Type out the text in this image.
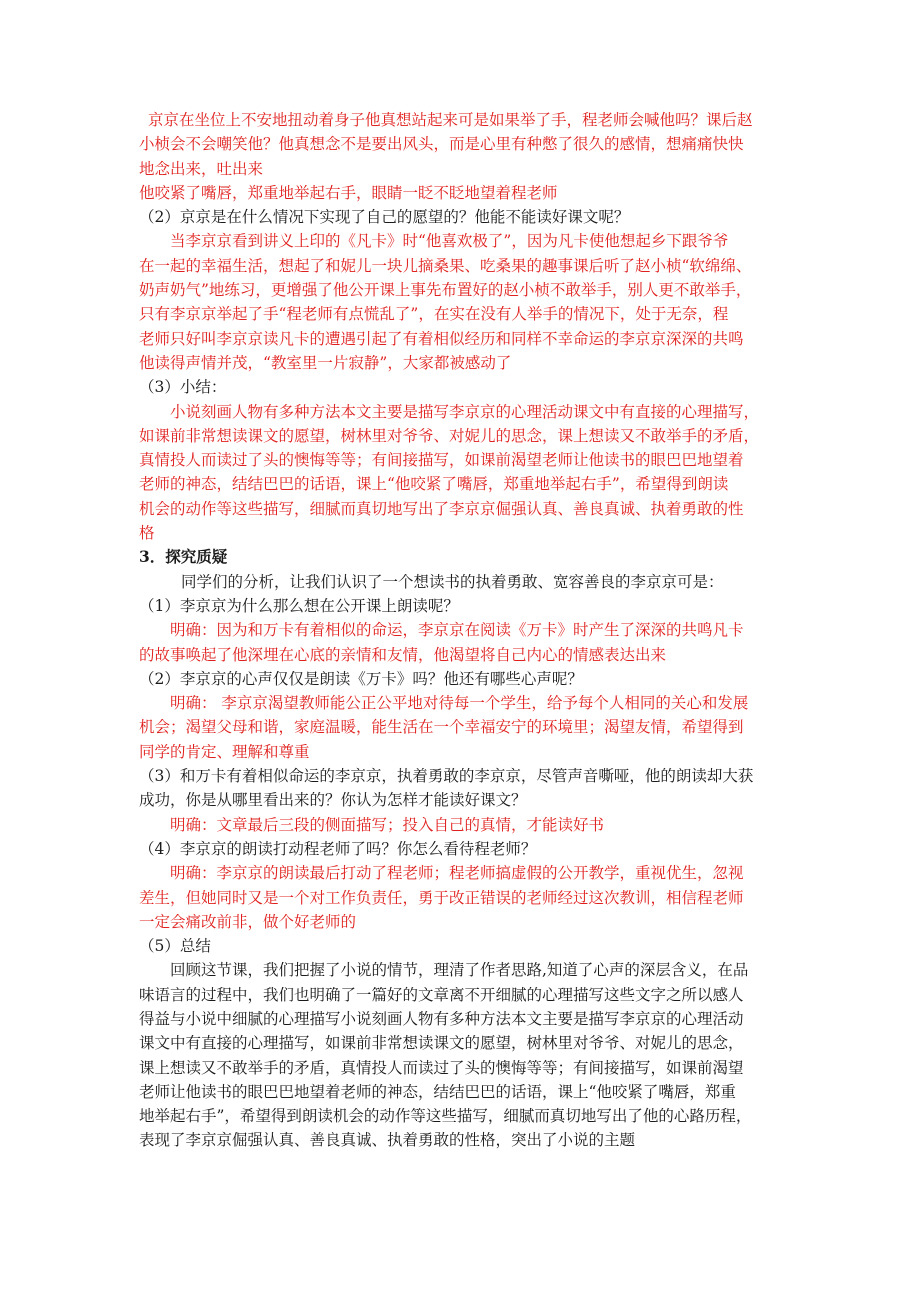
京京在坐位上不安地扭动着身子他真想站起来可是如果举了手，程老师会喊他吗？课后赵
小桢会不会嘲笑他？他真想念不是要出风头，而是心里有种憋了很久的感情，想痛痛快快
地念出来，吐出来
他咬紧了嘴唇，郑重地举起右手，眼睛一眨不眨地望着程老师
（2）京京是在什么情况下实现了自己的愿望的？他能不能读好课文呢？
当李京京看到讲义上印的《凡卡》时“他喜欢极了”，因为凡卡使他想起乡下跟爷爷
在一起的幸福生活，想起了和妮儿一块儿摘桑果、吃桑果的趣事课后听了赵小桢“软绵绵、
奶声奶气”地练习，更增强了他公开课上事先布置好的赵小桢不敢举手，别人更不敢举手，
只有李京京举起了手“程老师有点慌乱了”，在实在没有人举手的情况下，处于无奈，程
老师只好叫李京京读凡卡的遭遇引起了有着相似经历和同样不幸命运的李京京深深的共鸣
他读得声情并茂，“教室里一片寂静”，大家都被感动了
（3）小结：
小说刻画人物有多种方法本文主要是描写李京京的心理活动课文中有直接的心理描写，
如课前非常想读课文的愿望，树林里对爷爷、对妮儿的思念，课上想读又不敢举手的矛盾，
真情投人而读过了头的懊悔等等；有间接描写，如课前渴望老师让他读书的眼巴巴地望着
老师的神态，结结巴巴的话语，课上“他咬紧了嘴唇，郑重地举起右手”，希望得到朗读
机会的动作等这些描写，细腻而真切地写出了李京京倔强认真、善良真诚、执着勇敢的性
格
3．探究质疑
同学们的分析，让我们认识了一个想读书的执着勇敢、宽容善良的李京京可是：
（1）李京京为什么那么想在公开课上朗读呢？
明确：因为和万卡有着相似的命运，李京京在阅读《万卡》时产生了深深的共鸣凡卡
的故事唤起了他深埋在心底的亲情和友情，他渴望将自己内心的情感表达出来
（2）李京京的心声仅仅是朗读《万卡》吗？他还有哪些心声呢？
明确： 李京京渴望教师能公正公平地对待每一个学生，给予每个人相同的关心和发展
机会；渴望父母和谐，家庭温暖，能生活在一个幸福安宁的环境里；渴望友情，希望得到
同学的肯定、理解和尊重
（3）和万卡有着相似命运的李京京，执着勇敢的李京京，尽管声音嘶哑，他的朗读却大获
成功，你是从哪里看出来的？你认为怎样才能读好课文？
明确：文章最后三段的侧面描写；投入自己的真情，才能读好书
（4）李京京的朗读打动程老师了吗？你怎么看待程老师？
明确：李京京的朗读最后打动了程老师；程老师搞虚假的公开教学，重视优生，忽视
差生，但她同时又是一个对工作负责任，勇于改正错误的老师经过这次教训，相信程老师
一定会痛改前非，做个好老师的
（5）总结
回顾这节课，我们把握了小说的情节，理清了作者思路,知道了心声的深层含义，在品
味语言的过程中，我们也明确了一篇好的文章离不开细腻的心理描写这些文字之所以感人
得益与小说中细腻的心理描写小说刻画人物有多种方法本文主要是描写李京京的心理活动
课文中有直接的心理描写，如课前非常想读课文的愿望，树林里对爷爷、对妮儿的思念，
课上想读又不敢举手的矛盾，真情投人而读过了头的懊悔等等；有间接描写，如课前渴望
老师让他读书的眼巴巴地望着老师的神态，结结巴巴的话语，课上“他咬紧了嘴唇，郑重
地举起右手”，希望得到朗读机会的动作等这些描写，细腻而真切地写出了他的心路历程，
表现了李京京倔强认真、善良真诚、执着勇敢的性格，突出了小说的主题
